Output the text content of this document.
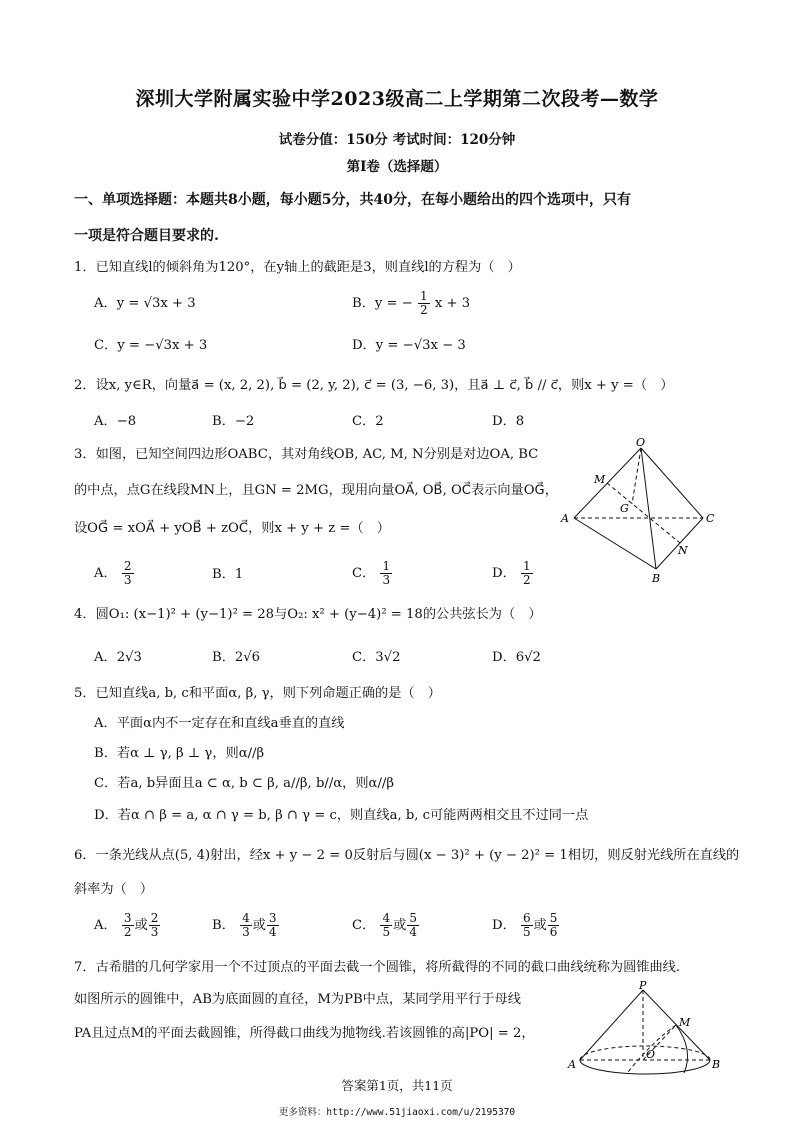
深圳大学附属实验中学2023级高二上学期第二次段考—数学
试卷分值：150分 考试时间：120分钟
第Ⅰ卷（选择题）
一、单项选择题：本题共8小题，每小题5分，共40分，在每小题给出的四个选项中，只有
一项是符合题目要求的.
1．已知直线l的倾斜角为120°，在y轴上的截距是3，则直线l的方程为（　）
A．y = √3x + 3	B．y = − $\frac{1}{2}$ x + 3
C．y = −√3x + 3	D．y = −√3x − 3
2．设x, y∈R，向量a⃗ = (x, 2, 2), b⃗ = (2, y, 2), c⃗ = (3, −6, 3)，且a⃗ ⊥ c⃗, b⃗ // c⃗，则x + y =（　）
A．−8	B．−2	C．2	D．8
3．如图，已知空间四边形OABC，其对角线OB, AC, M, N分别是对边OA, BC
的中点，点G在线段MN上，且GN = 2MG，现用向量OA⃗, OB⃗, OC⃗表示向量OG⃗，
设OG⃗ = xOA⃗ + yOB⃗ + zOC⃗，则x + y + z =（　）
A． $\frac{2}{3}$	B．1	C． $\frac{1}{3}$	D． $\frac{1}{2}$
O
M
G
A	C
N
B
4．圆O₁: (x−1)² + (y−1)² = 28与O₂: x² + (y−4)² = 18的公共弦长为（　）
A．2√3	B．2√6	C．3√2	D．6√2
5．已知直线a, b, c和平面α, β, γ，则下列命题正确的是（　）
A．平面α内不一定存在和直线a垂直的直线
B．若α ⊥ γ, β ⊥ γ，则α//β
C．若a, b异面且a ⊂ α, b ⊂ β, a//β, b//α，则α//β
D．若α ∩ β = a, α ∩ γ = b, β ∩ γ = c，则直线a, b, c可能两两相交且不过同一点
6．一条光线从点(5, 4)射出，经x + y − 2 = 0反射后与圆(x − 3)² + (y − 2)² = 1相切，则反射光线所在直线的
斜率为（　）
A． $\frac{3}{2}$ 或 $\frac{2}{3}$	B． $\frac{4}{3}$ 或 $\frac{3}{4}$	C． $\frac{4}{5}$ 或 $\frac{5}{4}$	D． $\frac{6}{5}$ 或 $\frac{5}{6}$
7．古希腊的几何学家用一个不过顶点的平面去截一个圆锥，将所截得的不同的截口曲线统称为圆锥曲线.
如图所示的圆锥中，AB为底面圆的直径，M为PB中点，某同学用平行于母线
PA且过点M的平面去截圆锥，所得截口曲线为抛物线.若该圆锥的高|PO| = 2，
P
M
A
O
B
答案第1页，共11页
更多资料：http://www.51jiaoxi.com/u/2195370
